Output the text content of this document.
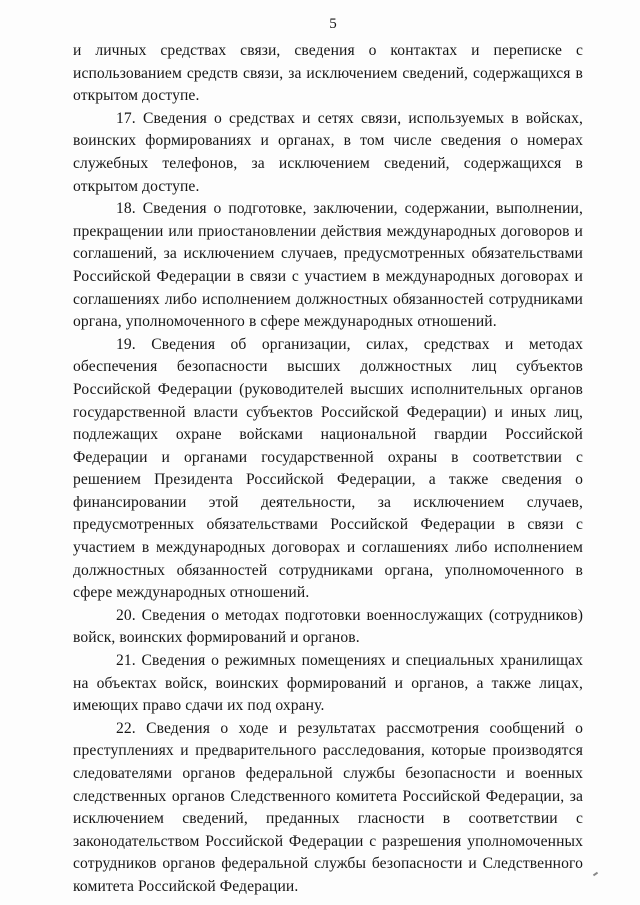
5

и личных средствах связи, сведения о контактах и переписке с использованием средств связи, за исключением сведений, содержащихся в открытом доступе.

17. Сведения о средствах и сетях связи, используемых в войсках, воинских формированиях и органах, в том числе сведения о номерах служебных телефонов, за исключением сведений, содержащихся в открытом доступе.

18. Сведения о подготовке, заключении, содержании, выполнении, прекращении или приостановлении действия международных договоров и соглашений, за исключением случаев, предусмотренных обязательствами Российской Федерации в связи с участием в международных договорах и соглашениях либо исполнением должностных обязанностей сотрудниками органа, уполномоченного в сфере международных отношений.

19. Сведения об организации, силах, средствах и методах обеспечения безопасности высших должностных лиц субъектов Российской Федерации (руководителей высших исполнительных органов государственной власти субъектов Российской Федерации) и иных лиц, подлежащих охране войсками национальной гвардии Российской Федерации и органами государственной охраны в соответствии с решением Президента Российской Федерации, а также сведения о финансировании этой деятельности, за исключением случаев, предусмотренных обязательствами Российской Федерации в связи с участием в международных договорах и соглашениях либо исполнением должностных обязанностей сотрудниками органа, уполномоченного в сфере международных отношений.

20. Сведения о методах подготовки военнослужащих (сотрудников) войск, воинских формирований и органов.

21. Сведения о режимных помещениях и специальных хранилищах на объектах войск, воинских формирований и органов, а также лицах, имеющих право сдачи их под охрану.

22. Сведения о ходе и результатах рассмотрения сообщений о преступлениях и предварительного расследования, которые производятся следователями органов федеральной службы безопасности и военных следственных органов Следственного комитета Российской Федерации, за исключением сведений, преданных гласности в соответствии с законодательством Российской Федерации с разрешения уполномоченных сотрудников органов федеральной службы безопасности и Следственного комитета Российской Федерации.
